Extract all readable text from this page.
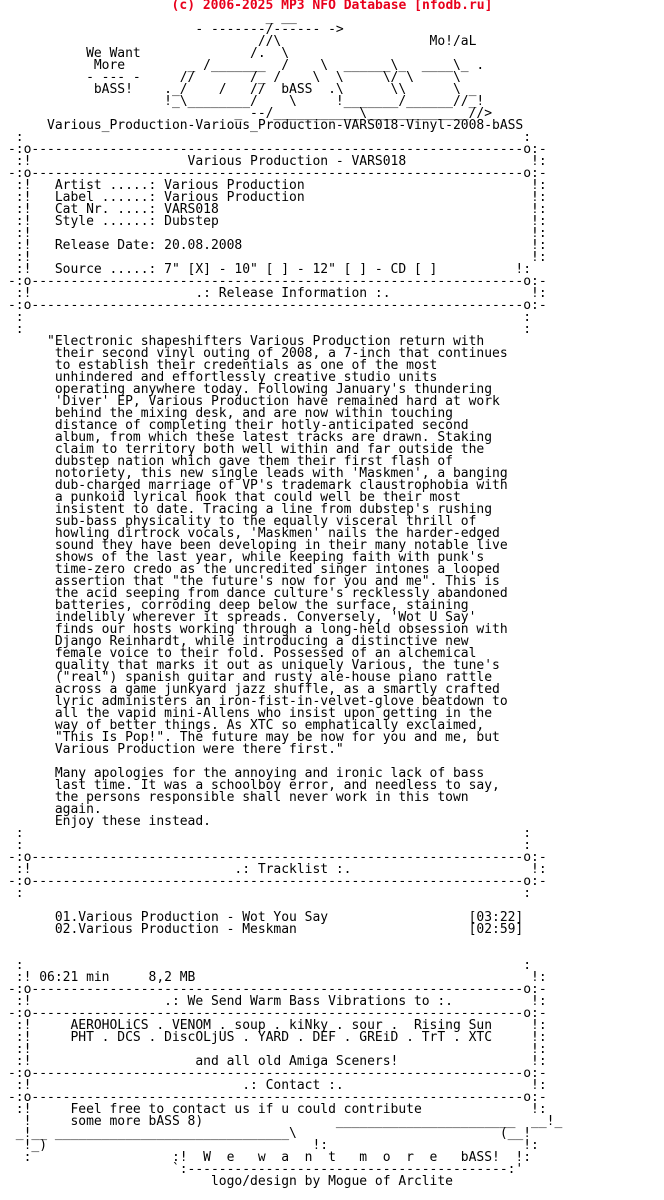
(c) 2006-2025 MP3 NFO Database [nfodb.ru]
_ __
- -------/------ ->
//\                   Mo!/aL
We Want              /.  \
More        _ /_______  /    \  ______\_  ____\_ .
- --- -     //       /_ /    \  \     \/ \     \
bASS!    ._/    /   //  bASS  .\      \\      \ _
!_\________/    \     !_______/______//_!
_ --/___________\_____________//>
Various_Production-Various_Production-VARS018-Vinyl-2008-bASS
:                                                                :
-:o---------------------------------------------------------------o:-
:!                    Various Production - VARS018                !:
-:o---------------------------------------------------------------o:-
:!   Artist .....: Various Production                             !:
:!   Label ......: Various Production                             !:
:!   Cat Nr. ....: VARS018                                        !:
:!   Style ......: Dubstep                                        !:
:!                                                                !:
:!   Release Date: 20.08.2008                                     !:
:!                                                                !:
:!   Source .....: 7" [X] - 10" [ ] - 12" [ ] - CD [ ]          !:
-:o---------------------------------------------------------------o:-
:!                     .: Release Information :.                  !:
-:o---------------------------------------------------------------o:-
:                                                                :
:                                                                :
"Electronic shapeshifters Various Production return with
their second vinyl outing of 2008, a 7-inch that continues
to establish their credentials as one of the most
unhindered and effortlessly creative studio units
operating anywhere today. Following January's thundering
'Diver' EP, Various Production have remained hard at work
behind the mixing desk, and are now within touching
distance of completing their hotly-anticipated second
album, from which these latest tracks are drawn. Staking
claim to territory both well within and far outside the
dubstep nation which gave them their first flash of
notoriety, this new single leads with 'Maskmen', a banging
dub-charged marriage of VP's trademark claustrophobia with
a punkoid lyrical hook that could well be their most
insistent to date. Tracing a line from dubstep's rushing
sub-bass physicality to the equally visceral thrill of
howling dirtrock vocals, 'Maskmen' nails the harder-edged
sound they have been developing in their many notable live
shows of the last year, while keeping faith with punk's
time-zero credo as the uncredited singer intones a looped
assertion that "the future's now for you and me". This is
the acid seeping from dance culture's recklessly abandoned
batteries, corroding deep below the surface, staining
indelibly wherever it spreads. Conversely, 'Wot U Say'
finds our hosts working through a long-held obsession with
Django Reinhardt, while introducing a distinctive new
female voice to their fold. Possessed of an alchemical
quality that marks it out as uniquely Various, the tune's
("real") spanish guitar and rusty ale-house piano rattle
across a game junkyard jazz shuffle, as a smartly crafted
lyric administers an iron-fist-in-velvet-glove beatdown to
all the vapid mini-Allens who insist upon getting in the
way of better things. As XTC so emphatically exclaimed,
"This Is Pop!". The future may be now for you and me, but
Various Production were there first."

Many apologies for the annoying and ironic lack of bass
last time. It was a schoolboy error, and needless to say,
the persons responsible shall never work in this town
again.
Enjoy these instead.
:                                                                :
:                                                                :
-:o---------------------------------------------------------------o:-
:!                          .: Tracklist :.                       !:
-:o---------------------------------------------------------------o:-
:                                                                :

01.Various Production - Wot You Say                  [03:22]
02.Various Production - Meskman                      [02:59]

:                                                                :
:! 06:21 min     8,2 MB                                           !:
-:o---------------------------------------------------------------o:-
:!                 .: We Send Warm Bass Vibrations to :.          !:
-:o---------------------------------------------------------------o:-
:!     AEROHOLiCS . VENOM . soup . kiNky . sour .  Rising Sun     !:
:!     PHT . DCS . DiscOLjUS . YARD . DEF . GREiD . TrT . XTC     !:
:!                                                                !:
:!                     and all old Amiga Sceners!                 !:
-:o---------------------------------------------------------------o:-
:!                           .: Contact :.                        !:
-:o---------------------------------------------------------------o:-
:!     Feel free to contact us if u could contribute              !:
!     some more bASS 8)                 _______________________  __!_
_!__ ______________________________\                          (__!
!_)                                  !:                         !:
:                  :!  W  e   w  a  n  t   m  o  r  e   bASS!  !:
`:-----------------------------------------:'
logo/design by Mogue of Arclite
